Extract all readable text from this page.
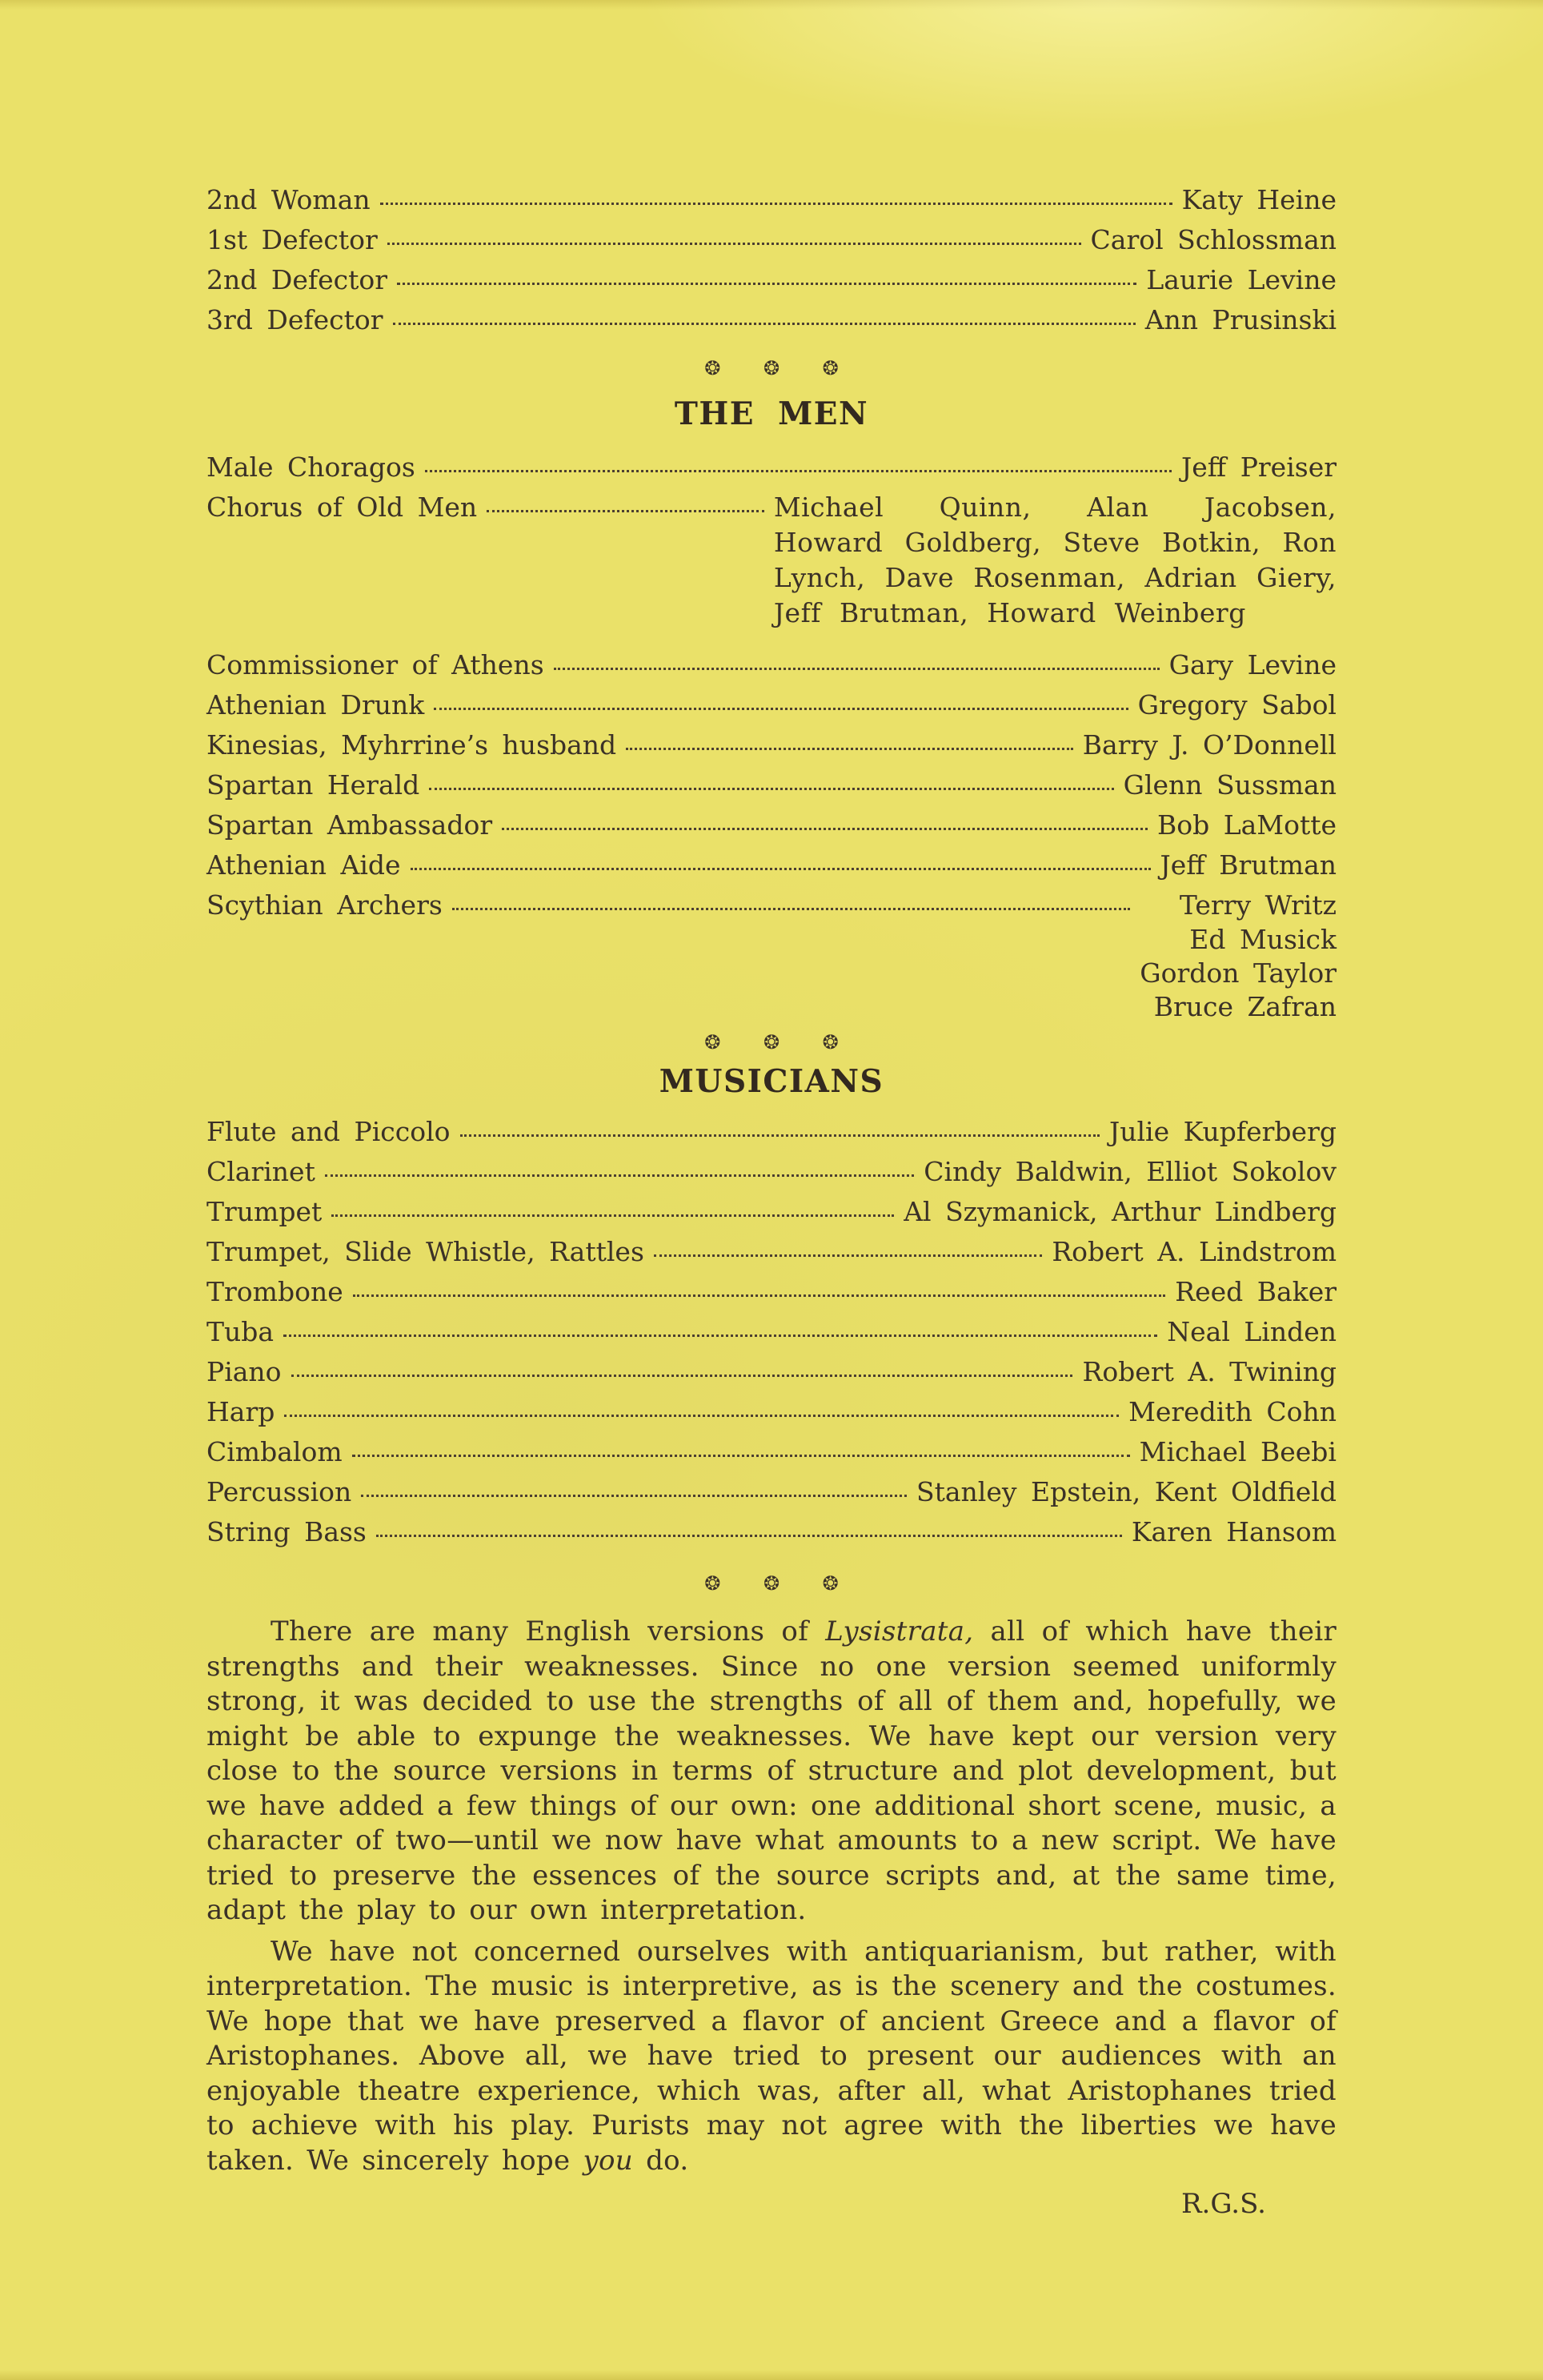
2nd Woman	Katy Heine
1st Defector	Carol Schlossman
2nd Defector	Laurie Levine
3rd Defector	Ann Prusinski
❂ ❂ ❂
THE MEN
Male Choragos	Jeff Preiser
Chorus of Old Men	Michael Quinn, Alan Jacobsen, Howard Goldberg, Steve Botkin, Ron Lynch, Dave Rosenman, Adrian Giery, Jeff Brutman, Howard Weinberg
Commissioner of Athens	Gary Levine
Athenian Drunk	Gregory Sabol
Kinesias, Myhrrine’s husband	Barry J. O’Donnell
Spartan Herald	Glenn Sussman
Spartan Ambassador	Bob LaMotte
Athenian Aide	Jeff Brutman
Scythian Archers	Terry Writz
Ed Musick
Gordon Taylor
Bruce Zafran
❂ ❂ ❂
MUSICIANS
Flute and Piccolo	Julie Kupferberg
Clarinet	Cindy Baldwin, Elliot Sokolov
Trumpet	Al Szymanick, Arthur Lindberg
Trumpet, Slide Whistle, Rattles	Robert A. Lindstrom
Trombone	Reed Baker
Tuba	Neal Linden
Piano	Robert A. Twining
Harp	Meredith Cohn
Cimbalom	Michael Beebi
Percussion	Stanley Epstein, Kent Oldfield
String Bass	Karen Hansom
❂ ❂ ❂
There are many English versions of Lysistrata, all of which have their strengths and their weaknesses. Since no one version seemed uniformly strong, it was decided to use the strengths of all of them and, hopefully, we might be able to expunge the weaknesses. We have kept our version very close to the source versions in terms of structure and plot development, but we have added a few things of our own: one additional short scene, music, a character of two—until we now have what amounts to a new script. We have tried to preserve the essences of the source scripts and, at the same time, adapt the play to our own interpretation.
We have not concerned ourselves with antiquarianism, but rather, with interpretation. The music is interpretive, as is the scenery and the costumes. We hope that we have preserved a flavor of ancient Greece and a flavor of Aristophanes. Above all, we have tried to present our audiences with an enjoyable theatre experience, which was, after all, what Aristophanes tried to achieve with his play. Purists may not agree with the liberties we have taken. We sincerely hope you do.
R.G.S.
